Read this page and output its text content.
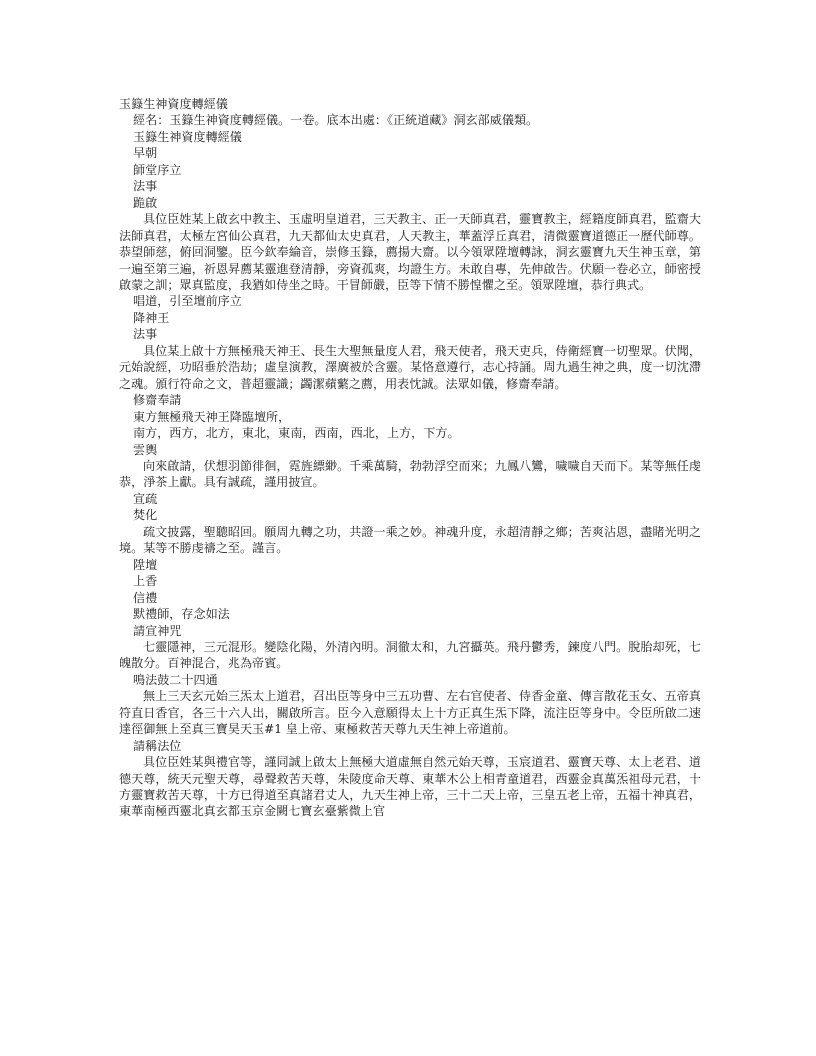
玉籙生神資度轉經儀

經名：玉籙生神資度轉經儀。一卷。底本出處：《正統道藏》洞玄部威儀類。

玉籙生神資度轉經儀

早朝

師堂序立

法事

跪啟

具位臣姓某上啟玄中教主、玉虛明皇道君，三天教主、正一天師真君，靈寶教主，經籍度師真君，監齋大法師真君，太極左宮仙公真君，九天都仙太史真君，人天教主，華蓋浮丘真君，清微靈寶道德正一歷代師尊。恭望師慈，俯回洞鑒。臣今欽奉綸音，崇修玉籙，薦揚大齋。以今領眾陞壇轉詠，洞玄靈寶九天生神玉章，第一遍至第三遍，祈恩昇薦某靈進登清靜，旁資孤爽，均證生方。未敢自專，先伸啟告。伏願一卷必立，師密授啟蒙之訓；眾真監度，我猶如侍坐之時。干冒師嚴，臣等下情不勝惶懼之至。領眾陞壇，恭行典式。

唱道，引至壇前序立

降神王

法事

具位某上啟十方無極飛天神王、長生大聖無量度人君，飛天使者，飛天吏兵，侍衛經寶一切聖眾。伏聞，元始說經，功昭垂於浩劫；虛皇演教，澤廣被於含靈。某恪意遵行，志心持誦。周九過生神之典，度一切沈滯之魂。頒行符命之文，普超靈識；蠲潔蘋蘩之薦，用表忱誠。法眾如儀，修齋奉請。

修齋奉請

東方無極飛天神王降臨壇所，

南方，西方，北方，東北，東南，西南，西北，上方，下方。

雲輿

向來啟請，伏想羽節徘徊，霓旌縹緲。千乘萬騎，勃勃浮空而來；九鳳八鸞，噦噦自天而下。某等無任虔恭，淨茶上獻。具有誠疏，謹用披宣。

宣疏

焚化

疏文披露，聖聽昭回。願周九轉之功，共證一乘之妙。神魂升度，永超清靜之鄉；苦爽沾恩，盡睹光明之境。某等不勝虔禱之至。謹言。

陞壇

上香

信禮

默禮師，存念如法

請宣神咒

七靈隱神，三元混形。變陰化陽，外清內明。洞徹太和，九宮攝英。飛丹鬱秀，鍊度八門。脫胎却死，七魄散分。百神混合，兆為帝賓。

鳴法鼓二十四通

無上三天玄元始三炁太上道君，召出臣等身中三五功曹、左右官使者、侍香金童、傳言散花玉女、五帝真符直日香官，各三十六人出，關啟所言。臣今入意願得太上十方正真生炁下降，流注臣等身中。令臣所啟二速達徑御無上至真三寶昊天玉#1 皇上帝、東極救苦天尊九天生神上帝道前。

請稱法位

具位臣姓某與禮官等，謹同誠上啟太上無極大道虛無自然元始天尊，玉宸道君、靈寶天尊、太上老君、道德天尊，統天元聖天尊，尋聲救苦天尊，朱陵度命天尊、東華木公上相青童道君，西靈金真萬炁祖母元君，十方靈寶救苦天尊，十方已得道至真諸君丈人，九天生神上帝，三十二天上帝，三皇五老上帝，五福十神真君，東華南極西靈北真玄都玉京金闕七寶玄臺紫微上官
